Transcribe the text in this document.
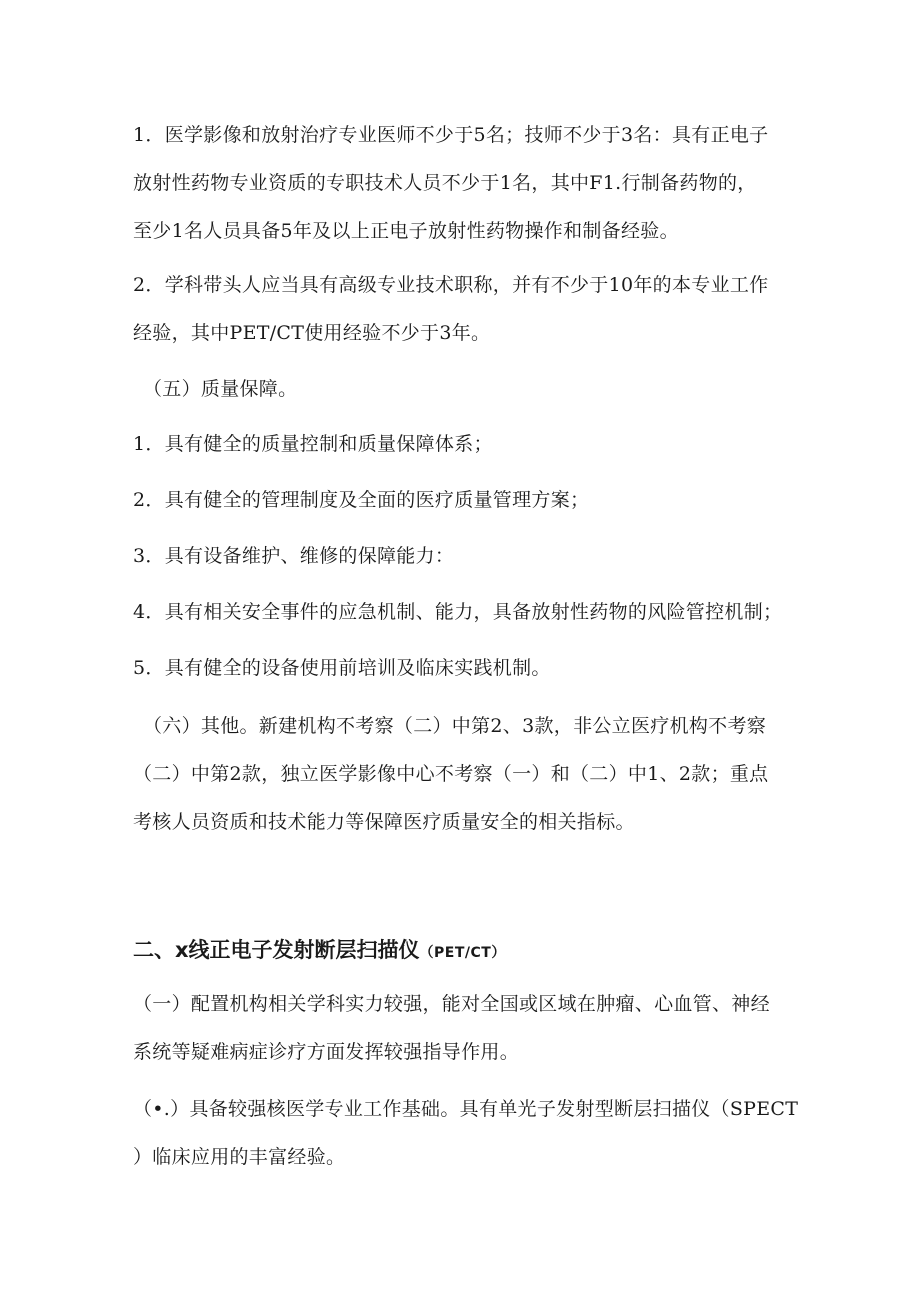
1．医学影像和放射治疗专业医师不少于5名；技师不少于3名：具有正电子
放射性药物专业资质的专职技术人员不少于1名，其中F1.行制备药物的，
至少1名人员具备5年及以上正电子放射性药物操作和制备经验。

2．学科带头人应当具有高级专业技术职称，并有不少于10年的本专业工作
经验，其中PET/CT使用经验不少于3年。

（五）质量保障。

1．具有健全的质量控制和质量保障体系；

2．具有健全的管理制度及全面的医疗质量管理方案；

3．具有设备维护、维修的保障能力：

4．具有相关安全事件的应急机制、能力，具备放射性药物的风险管控机制；

5．具有健全的设备使用前培训及临床实践机制。

（六）其他。新建机构不考察（二）中第2、3款，非公立医疗机构不考察
（二）中第2款，独立医学影像中心不考察（一）和（二）中1、2款；重点
考核人员资质和技术能力等保障医疗质量安全的相关指标。

二、x线正电子发射断层扫描仪（PET/CT）

（一）配置机构相关学科实力较强，能对全国或区域在肿瘤、心血管、神经
系统等疑难病症诊疗方面发挥较强指导作用。

（•.）具备较强核医学专业工作基础。具有单光子发射型断层扫描仪（SPECT
）临床应用的丰富经验。
